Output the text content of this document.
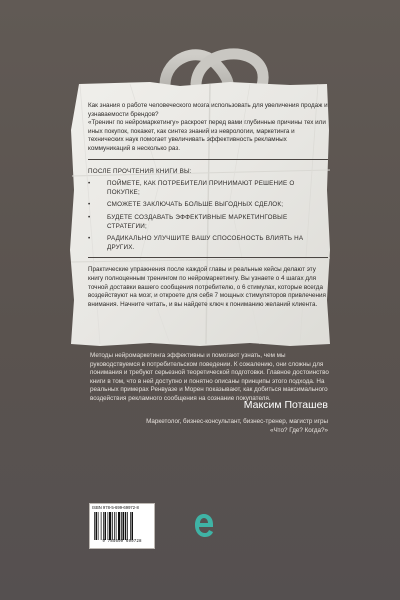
Как знания о работе человеческого мозга использовать для увеличения продаж и узнаваемости брендов?

«Тренинг по нейромаркетингу» раскроет перед вами глубинные причины тех или иных покупок, покажет, как синтез знаний из неврологии, маркетинга и технических наук помогает увеличивать эффективность рекламных коммуникаций в несколько раз.

ПОСЛЕ ПРОЧТЕНИЯ КНИГИ ВЫ:

•	ПОЙМЕТЕ, КАК ПОТРЕБИТЕЛИ ПРИНИМАЮТ РЕШЕНИЕ О ПОКУПКЕ;
•	СМОЖЕТЕ ЗАКЛЮЧАТЬ БОЛЬШЕ ВЫГОДНЫХ СДЕЛОК;
•	БУДЕТЕ СОЗДАВАТЬ ЭФФЕКТИВНЫЕ МАРКЕТИНГОВЫЕ СТРАТЕГИИ;
•	РАДИКАЛЬНО УЛУЧШИТЕ ВАШУ СПОСОБНОСТЬ ВЛИЯТЬ НА ДРУГИХ.

Практические упражнения после каждой главы и реальные кейсы делают эту книгу полноценным тренингом по нейромаркетингу. Вы узнаете о 4 шагах для точной доставки вашего сообщения потребителю, о 6 стимулах, которые всегда воздействуют на мозг, и откроете для себя 7 мощных стимуляторов привлечения внимания. Начните читать, и вы найдете ключ к пониманию желаний клиента.

Методы нейромаркетинга эффективны и помогают узнать, чем мы руководствуемся в потребительском поведении. К сожалению, они сложны для понимания и требуют серьезной теоретической подготовки. Главное достоинство книги в том, что в ней доступно и понятно описаны принципы этого подхода. На реальных примерах Ренвуазе и Морен показывают, как добиться максимального воздействия рекламного сообщения на сознание покупателя.

Максим Поташев
Маркетолог, бизнес-консультант, бизнес-тренер, магистр игры «Что? Где? Когда?»
ISBN 978-5-699-69972-8
9 785699 699728
